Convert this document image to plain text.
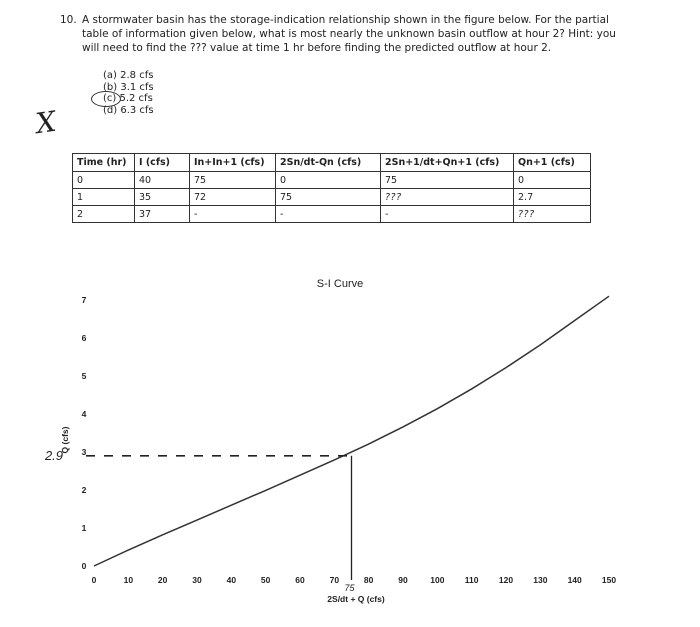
10. A stormwater basin has the storage-indication relationship shown in the figure below. For the partial table of information given below, what is most nearly the unknown basin outflow at hour 2? Hint: you will need to find the ??? value at time 1 hr before finding the predicted outflow at hour 2.
(a) 2.8 cfs
(b) 3.1 cfs
(c) 5.2 cfs
(d) 6.3 cfs
X
Time (hr)	I (cfs)	In+In+1 (cfs)	2Sn/dt-Qn (cfs)	2Sn+1/dt+Qn+1 (cfs)	Qn+1 (cfs)
0	40	75	0	75	0
1	35	72	75	???	2.7
2	37	-	-	-	???
S-I Curve
2S/dt + Q (cfs)
Q (cfs)
0	10	20	30	40	50	60	70	80	90	100 110 120 130 140 150
0
1
2
3
4
5
6
7
75
2.9
